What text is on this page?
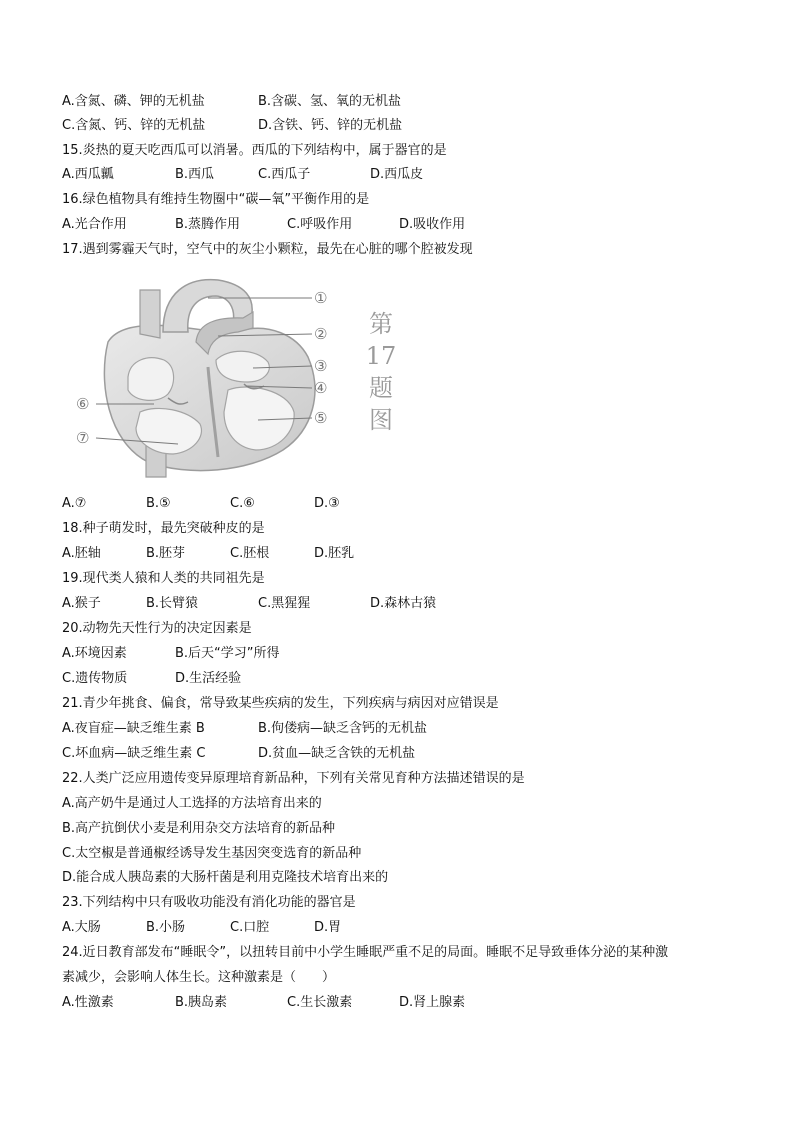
A.含氮、磷、钾的无机盐	B.含碳、氢、氧的无机盐
C.含氮、钙、锌的无机盐	D.含铁、钙、锌的无机盐
15.炎热的夏天吃西瓜可以消暑。西瓜的下列结构中，属于器官的是
A.西瓜瓤	B.西瓜	C.西瓜子	D.西瓜皮
16.绿色植物具有维持生物圈中“碳—氧”平衡作用的是
A.光合作用	B.蒸腾作用	C.呼吸作用	D.吸收作用
17.遇到雾霾天气时，空气中的灰尘小颗粒，最先在心脏的哪个腔被发现
①
②
③
④
⑤
⑥
⑦
第
17
题
图
A.⑦	B.⑤	C.⑥	D.③
18.种子萌发时，最先突破种皮的是
A.胚轴	B.胚芽	C.胚根	D.胚乳
19.现代类人猿和人类的共同祖先是
A.猴子	B.长臂猿	C.黑猩猩	D.森林古猿
20.动物先天性行为的决定因素是
A.环境因素	B.后天“学习”所得
C.遗传物质	D.生活经验
21.青少年挑食、偏食，常导致某些疾病的发生，下列疾病与病因对应错误是
A.夜盲症—缺乏维生素 B	B.佝偻病—缺乏含钙的无机盐
C.坏血病—缺乏维生素 C	D.贫血—缺乏含铁的无机盐
22.人类广泛应用遗传变异原理培育新品种，下列有关常见育种方法描述错误的是
A.高产奶牛是通过人工选择的方法培育出来的
B.高产抗倒伏小麦是利用杂交方法培育的新品种
C.太空椒是普通椒经诱导发生基因突变选育的新品种
D.能合成人胰岛素的大肠杆菌是利用克隆技术培育出来的
23.下列结构中只有吸收功能没有消化功能的器官是
A.大肠	B.小肠	C.口腔	D.胃
24.近日教育部发布“睡眠令”，以扭转目前中小学生睡眠严重不足的局面。睡眠不足导致垂体分泌的某种激
素减少，会影响人体生长。这种激素是（　　）
A.性激素	B.胰岛素	C.生长激素	D.肾上腺素
